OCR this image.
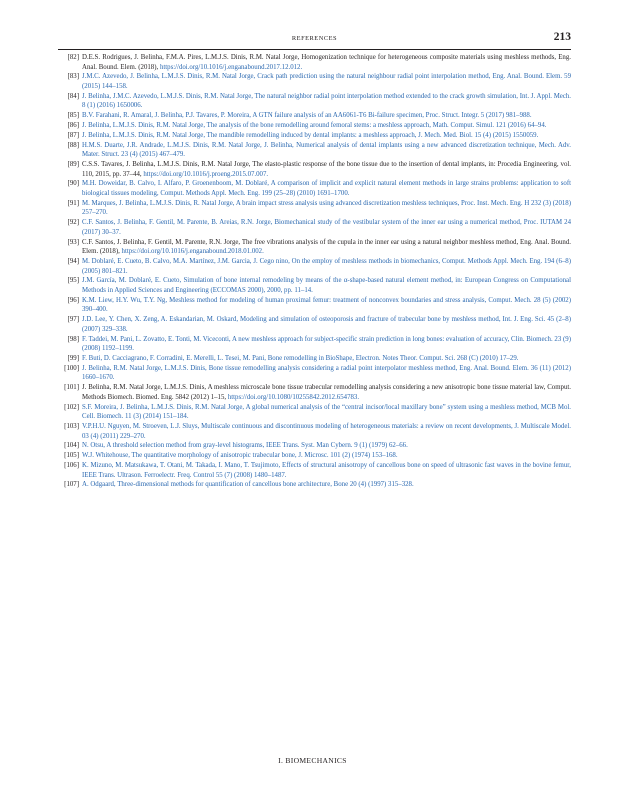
REFERENCES	213
[82] D.E.S. Rodrigues, J. Belinha, F.M.A. Pires, L.M.J.S. Dinis, R.M. Natal Jorge, Homogenization technique for heterogeneous composite materials using meshless methods, Eng. Anal. Bound. Elem. (2018), https://doi.org/10.1016/j.enganabound.2017.12.012.
[83] J.M.C. Azevedo, J. Belinha, L.M.J.S. Dinis, R.M. Natal Jorge, Crack path prediction using the natural neighbour radial point interpolation method, Eng. Anal. Bound. Elem. 59 (2015) 144–158.
[84] J. Belinha, J.M.C. Azevedo, L.M.J.S. Dinis, R.M. Natal Jorge, The natural neighbor radial point interpolation method extended to the crack growth simulation, Int. J. Appl. Mech. 8 (1) (2016) 1650006.
[85] B.V. Farahani, R. Amaral, J. Belinha, P.J. Tavares, P. Moreira, A GTN failure analysis of an AA6061-T6 Bi-failure specimen, Proc. Struct. Integr. 5 (2017) 981–988.
[86] J. Belinha, L.M.J.S. Dinis, R.M. Natal Jorge, The analysis of the bone remodelling around femoral stems: a meshless approach, Math. Comput. Simul. 121 (2016) 64–94.
[87] J. Belinha, L.M.J.S. Dinis, R.M. Natal Jorge, The mandible remodelling induced by dental implants: a meshless approach, J. Mech. Med. Biol. 15 (4) (2015) 1550059.
[88] H.M.S. Duarte, J.R. Andrade, L.M.J.S. Dinis, R.M. Natal Jorge, J. Belinha, Numerical analysis of dental implants using a new advanced discretization technique, Mech. Adv. Mater. Struct. 23 (4) (2015) 467–479.
[89] C.S.S. Tavares, J. Belinha, L.M.J.S. Dinis, R.M. Natal Jorge, The elasto-plastic response of the bone tissue due to the insertion of dental implants, in: Procedia Engineering, vol. 110, 2015, pp. 37–44, https://doi.org/10.1016/j.proeng.2015.07.007.
[90] M.H. Doweidar, B. Calvo, I. Alfaro, P. Groenenboom, M. Doblaré, A comparison of implicit and explicit natural element methods in large strains problems: application to soft biological tissues modeling, Comput. Methods Appl. Mech. Eng. 199 (25–28) (2010) 1691–1700.
[91] M. Marques, J. Belinha, L.M.J.S. Dinis, R. Natal Jorge, A brain impact stress analysis using advanced discretization meshless techniques, Proc. Inst. Mech. Eng. H 232 (3) (2018) 257–270.
[92] C.F. Santos, J. Belinha, F. Gentil, M. Parente, B. Areias, R.N. Jorge, Biomechanical study of the vestibular system of the inner ear using a numerical method, Proc. IUTAM 24 (2017) 30–37.
[93] C.F. Santos, J. Belinha, F. Gentil, M. Parente, R.N. Jorge, The free vibrations analysis of the cupula in the inner ear using a natural neighbor meshless method, Eng. Anal. Bound. Elem. (2018), https://doi.org/10.1016/j.enganabound.2018.01.002.
[94] M. Doblaré, E. Cueto, B. Calvo, M.A. Martínez, J.M. Garcia, J. Cego nino, On the employ of meshless methods in biomechanics, Comput. Methods Appl. Mech. Eng. 194 (6–8) (2005) 801–821.
[95] J.M. García, M. Doblaré, E. Cueto, Simulation of bone internal remodeling by means of the α-shape-based natural element method, in: European Congress on Computational Methods in Applied Sciences and Engineering (ECCOMAS 2000), 2000, pp. 11–14.
[96] K.M. Liew, H.Y. Wu, T.Y. Ng, Meshless method for modeling of human proximal femur: treatment of nonconvex boundaries and stress analysis, Comput. Mech. 28 (5) (2002) 390–400.
[97] J.D. Lee, Y. Chen, X. Zeng, A. Eskandarian, M. Oskard, Modeling and simulation of osteoporosis and fracture of trabecular bone by meshless method, Int. J. Eng. Sci. 45 (2–8) (2007) 329–338.
[98] F. Taddei, M. Pani, L. Zovatto, E. Tonti, M. Viceconti, A new meshless approach for subject-specific strain prediction in long bones: evaluation of accuracy, Clin. Biomech. 23 (9) (2008) 1192–1199.
[99] F. Buti, D. Cacciagrano, F. Corradini, E. Merelli, L. Tesei, M. Pani, Bone remodelling in BioShape, Electron. Notes Theor. Comput. Sci. 268 (C) (2010) 17–29.
[100] J. Belinha, R.M. Natal Jorge, L.M.J.S. Dinis, Bone tissue remodelling analysis considering a radial point interpolator meshless method, Eng. Anal. Bound. Elem. 36 (11) (2012) 1660–1670.
[101] J. Belinha, R.M. Natal Jorge, L.M.J.S. Dinis, A meshless microscale bone tissue trabecular remodelling analysis considering a new anisotropic bone tissue material law, Comput. Methods Biomech. Biomed. Eng. 5842 (2012) 1–15, https://doi.org/10.1080/10255842.2012.654783.
[102] S.F. Moreira, J. Belinha, L.M.J.S. Dinis, R.M. Natal Jorge, A global numerical analysis of the “central incisor/local maxillary bone” system using a meshless method, MCB Mol. Cell. Biomech. 11 (3) (2014) 151–184.
[103] V.P.H.U. Nguyen, M. Stroeven, L.J. Sluys, Multiscale continuous and discontinuous modeling of heterogeneous materials: a review on recent developments, J. Multiscale Model. 03 (4) (2011) 229–270.
[104] N. Otsu, A threshold selection method from gray-level histograms, IEEE Trans. Syst. Man Cybern. 9 (1) (1979) 62–66.
[105] W.J. Whitehouse, The quantitative morphology of anisotropic trabecular bone, J. Microsc. 101 (2) (1974) 153–168.
[106] K. Mizuno, M. Matsukawa, T. Otani, M. Takada, I. Mano, T. Tsujimoto, Effects of structural anisotropy of cancellous bone on speed of ultrasonic fast waves in the bovine femur, IEEE Trans. Ultrason. Ferroelectr. Freq. Control 55 (7) (2008) 1480–1487.
[107] A. Odgaard, Three-dimensional methods for quantification of cancellous bone architecture, Bone 20 (4) (1997) 315–328.
I. BIOMECHANICS
